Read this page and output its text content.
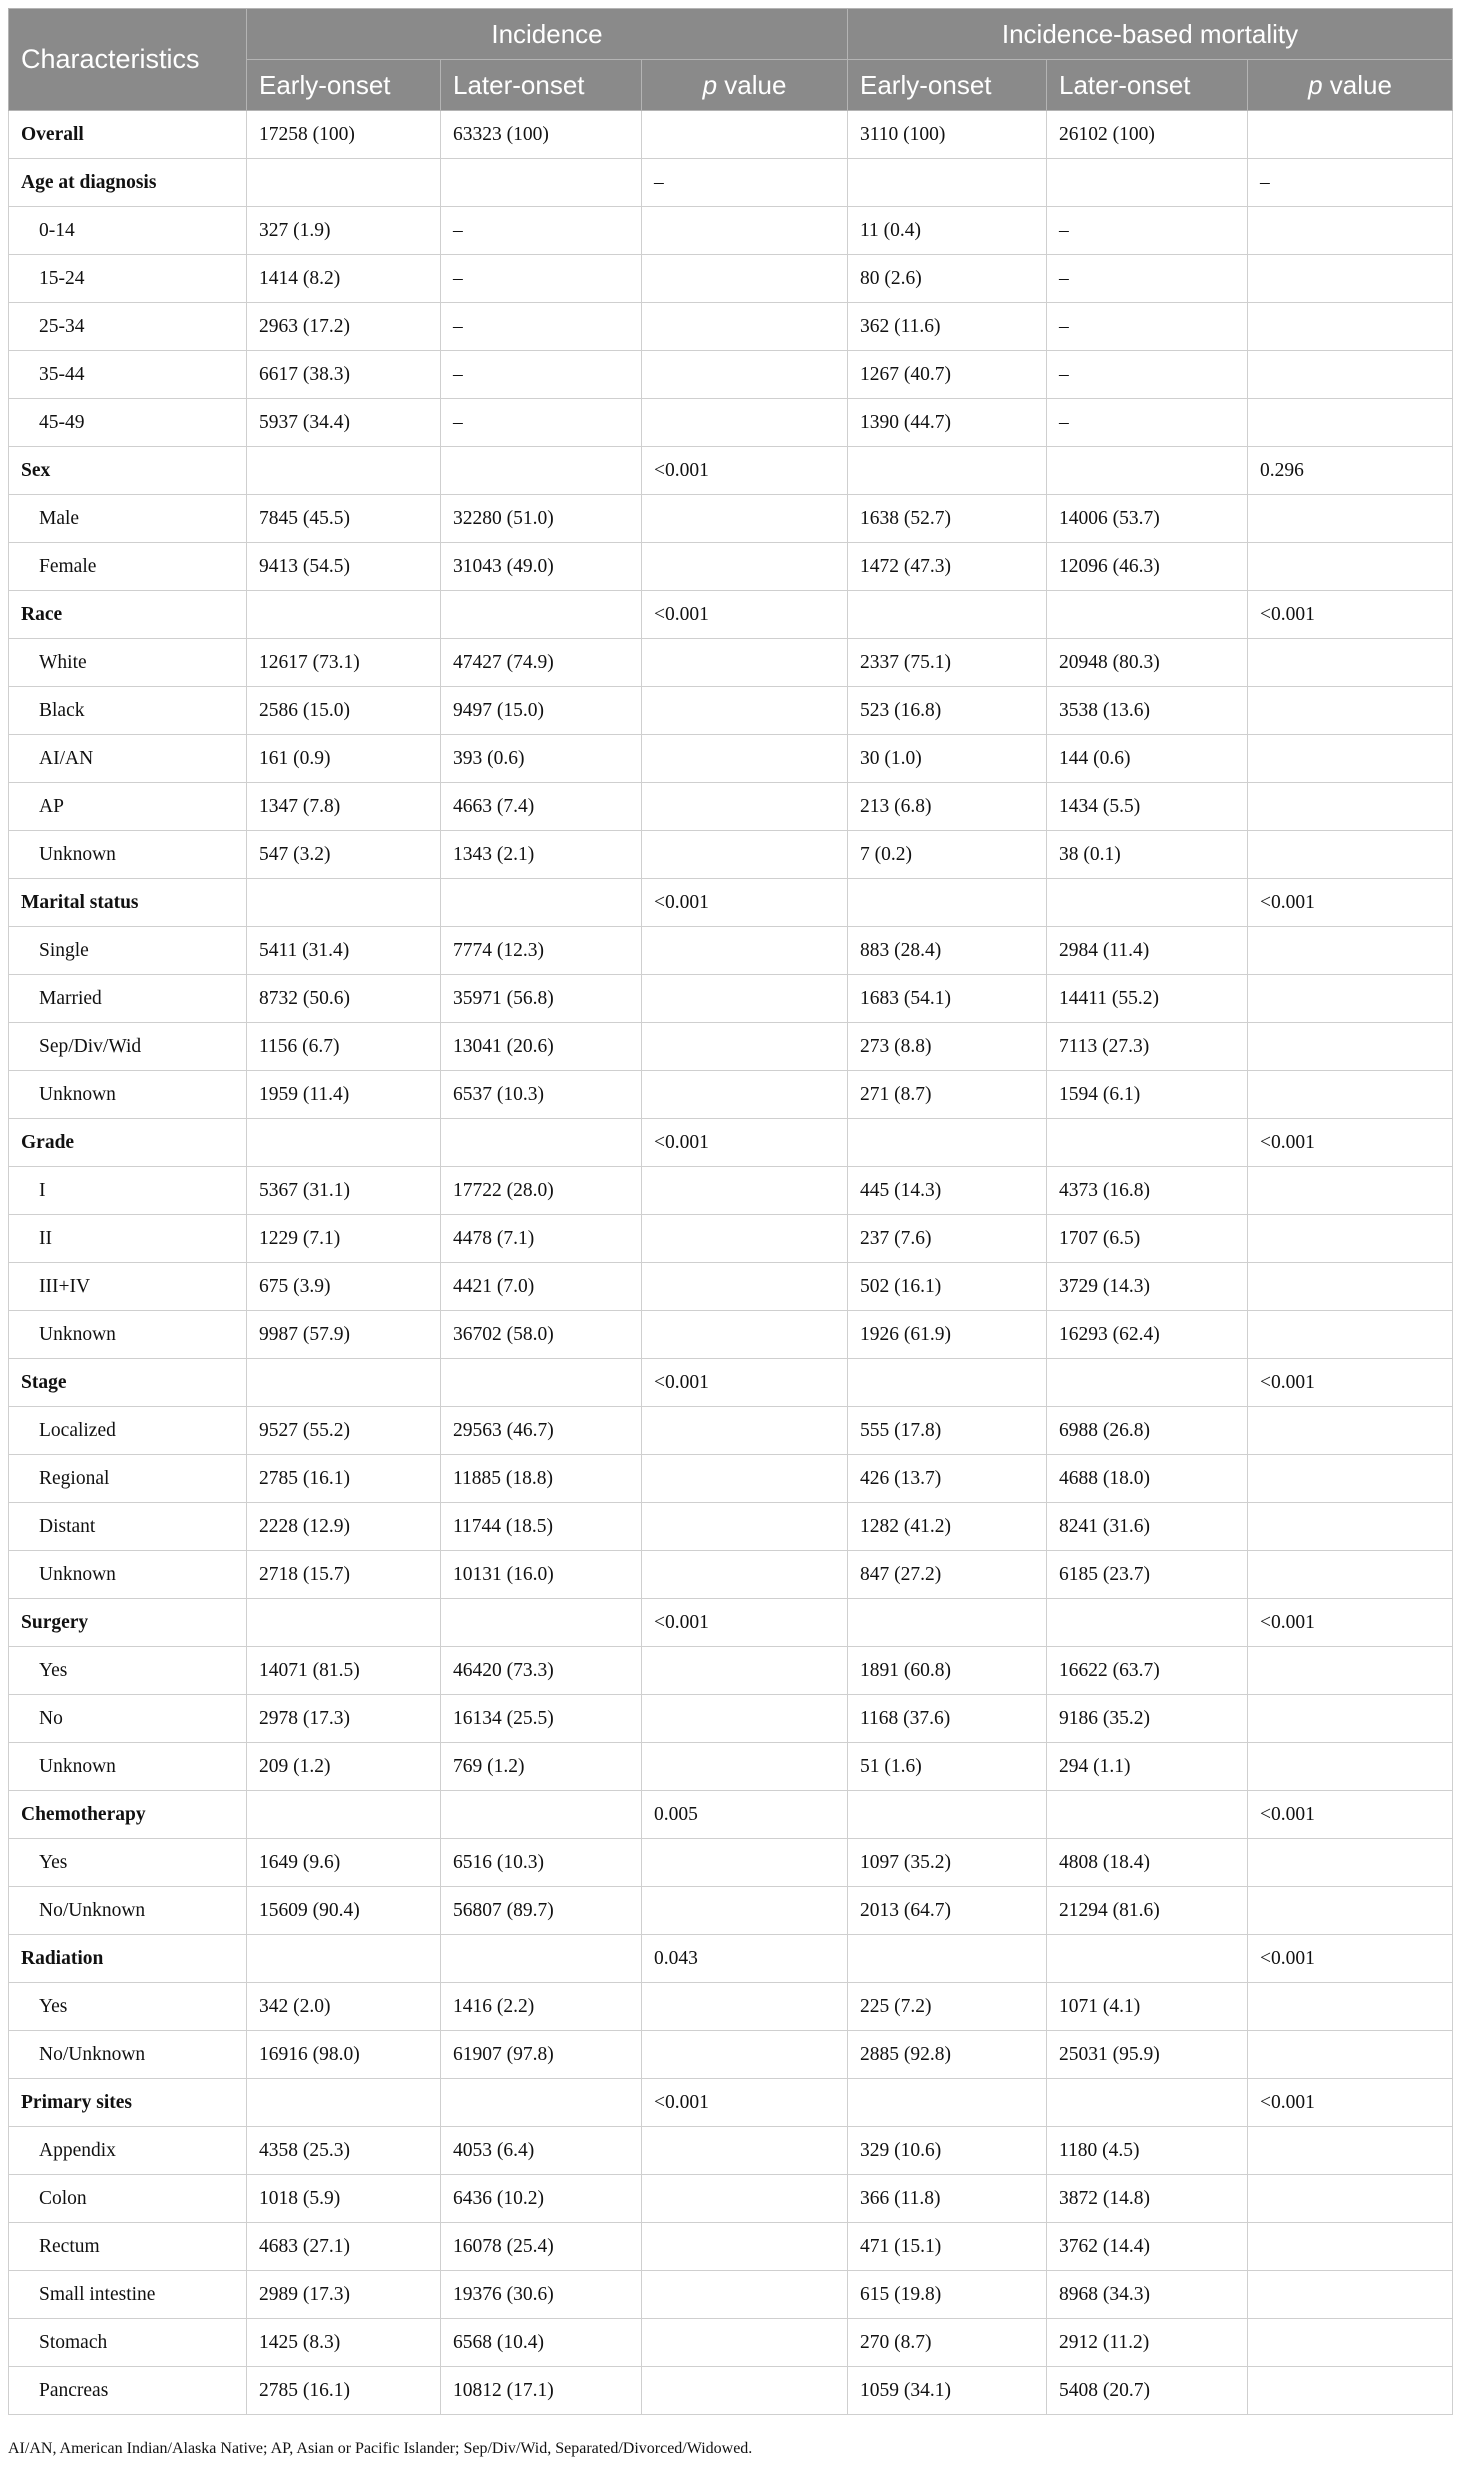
Characteristics	Incidence			Incidence-based mortality		
	Early-onset	Later-onset	p value	Early-onset	Later-onset	p value
Overall	17258 (100)	63323 (100)		3110 (100)	26102 (100)	
Age at diagnosis			–			–
0-14	327 (1.9)	–		11 (0.4)	–	
15-24	1414 (8.2)	–		80 (2.6)	–	
25-34	2963 (17.2)	–		362 (11.6)	–	
35-44	6617 (38.3)	–		1267 (40.7)	–	
45-49	5937 (34.4)	–		1390 (44.7)	–	
Sex			<0.001			0.296
Male	7845 (45.5)	32280 (51.0)		1638 (52.7)	14006 (53.7)	
Female	9413 (54.5)	31043 (49.0)		1472 (47.3)	12096 (46.3)	
Race			<0.001			<0.001
White	12617 (73.1)	47427 (74.9)		2337 (75.1)	20948 (80.3)	
Black	2586 (15.0)	9497 (15.0)		523 (16.8)	3538 (13.6)	
AI/AN	161 (0.9)	393 (0.6)		30 (1.0)	144 (0.6)	
AP	1347 (7.8)	4663 (7.4)		213 (6.8)	1434 (5.5)	
Unknown	547 (3.2)	1343 (2.1)		7 (0.2)	38 (0.1)	
Marital status			<0.001			<0.001
Single	5411 (31.4)	7774 (12.3)		883 (28.4)	2984 (11.4)	
Married	8732 (50.6)	35971 (56.8)		1683 (54.1)	14411 (55.2)	
Sep/Div/Wid	1156 (6.7)	13041 (20.6)		273 (8.8)	7113 (27.3)	
Unknown	1959 (11.4)	6537 (10.3)		271 (8.7)	1594 (6.1)	
Grade			<0.001			<0.001
I	5367 (31.1)	17722 (28.0)		445 (14.3)	4373 (16.8)	
II	1229 (7.1)	4478 (7.1)		237 (7.6)	1707 (6.5)	
III+IV	675 (3.9)	4421 (7.0)		502 (16.1)	3729 (14.3)	
Unknown	9987 (57.9)	36702 (58.0)		1926 (61.9)	16293 (62.4)	
Stage			<0.001			<0.001
Localized	9527 (55.2)	29563 (46.7)		555 (17.8)	6988 (26.8)	
Regional	2785 (16.1)	11885 (18.8)		426 (13.7)	4688 (18.0)	
Distant	2228 (12.9)	11744 (18.5)		1282 (41.2)	8241 (31.6)	
Unknown	2718 (15.7)	10131 (16.0)		847 (27.2)	6185 (23.7)	
Surgery			<0.001			<0.001
Yes	14071 (81.5)	46420 (73.3)		1891 (60.8)	16622 (63.7)	
No	2978 (17.3)	16134 (25.5)		1168 (37.6)	9186 (35.2)	
Unknown	209 (1.2)	769 (1.2)		51 (1.6)	294 (1.1)	
Chemotherapy			0.005			<0.001
Yes	1649 (9.6)	6516 (10.3)		1097 (35.2)	4808 (18.4)	
No/Unknown	15609 (90.4)	56807 (89.7)		2013 (64.7)	21294 (81.6)	
Radiation			0.043			<0.001
Yes	342 (2.0)	1416 (2.2)		225 (7.2)	1071 (4.1)	
No/Unknown	16916 (98.0)	61907 (97.8)		2885 (92.8)	25031 (95.9)	
Primary sites			<0.001			<0.001
Appendix	4358 (25.3)	4053 (6.4)		329 (10.6)	1180 (4.5)	
Colon	1018 (5.9)	6436 (10.2)		366 (11.8)	3872 (14.8)	
Rectum	4683 (27.1)	16078 (25.4)		471 (15.1)	3762 (14.4)	
Small intestine	2989 (17.3)	19376 (30.6)		615 (19.8)	8968 (34.3)	
Stomach	1425 (8.3)	6568 (10.4)		270 (8.7)	2912 (11.2)	
Pancreas	2785 (16.1)	10812 (17.1)		1059 (34.1)	5408 (20.7)	
AI/AN, American Indian/Alaska Native; AP, Asian or Pacific Islander; Sep/Div/Wid, Separated/Divorced/Widowed.
